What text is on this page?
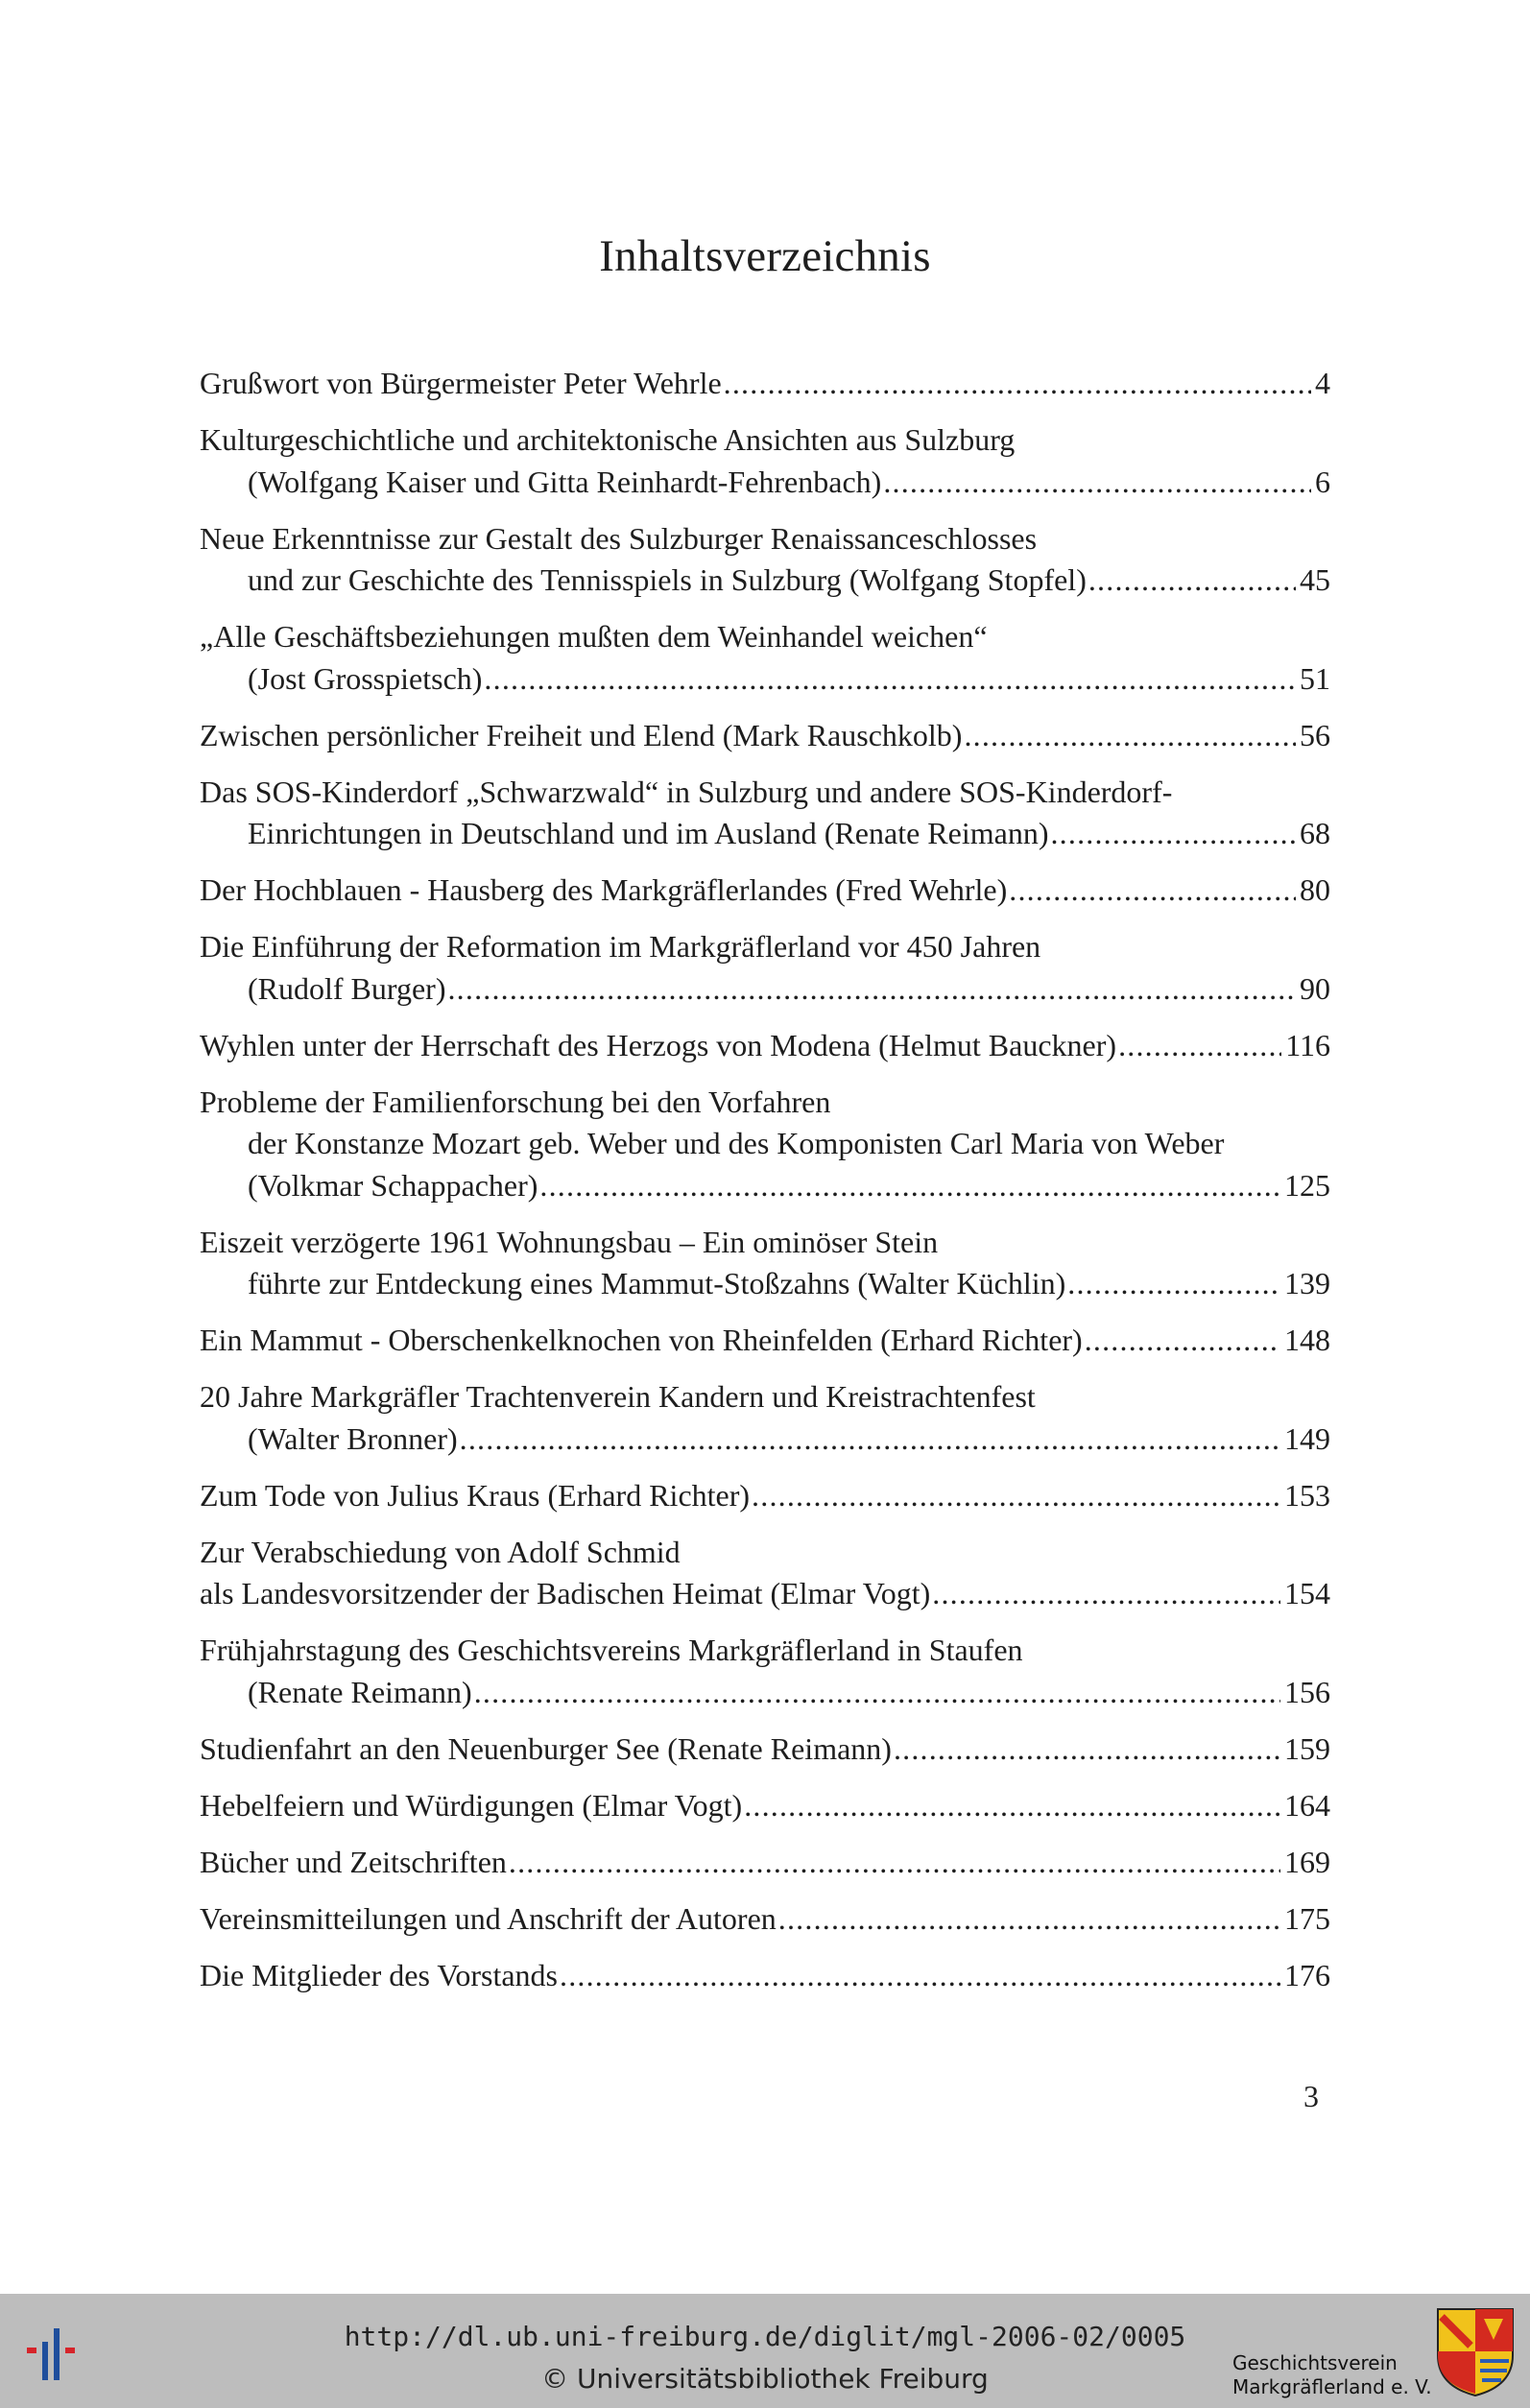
Inhaltsverzeichnis
Grußwort von Bürgermeister Peter Wehrle .....	4
Kulturgeschichtliche und architektonische Ansichten aus Sulzburg
(Wolfgang Kaiser und Gitta Reinhardt-Fehrenbach) .....	6
Neue Erkenntnisse zur Gestalt des Sulzburger Renaissanceschlosses
und zur Geschichte des Tennisspiels in Sulzburg (Wolfgang Stopfel) .....	45
„Alle Geschäftsbeziehungen mußten dem Weinhandel weichen“
(Jost Grosspietsch) .....	51
Zwischen persönlicher Freiheit und Elend (Mark Rauschkolb) .....	56
Das SOS-Kinderdorf „Schwarzwald“ in Sulzburg und andere SOS-Kinderdorf-
Einrichtungen in Deutschland und im Ausland (Renate Reimann) .....	68
Der Hochblauen - Hausberg des Markgräflerlandes (Fred Wehrle) .....	80
Die Einführung der Reformation im Markgräflerland vor 450 Jahren
(Rudolf Burger) .....	90
Wyhlen unter der Herrschaft des Herzogs von Modena (Helmut Bauckner) .....	116
Probleme der Familienforschung bei den Vorfahren
der Konstanze Mozart geb. Weber und des Komponisten Carl Maria von Weber
(Volkmar Schappacher) .....	125
Eiszeit verzögerte 1961 Wohnungsbau – Ein ominöser Stein
führte zur Entdeckung eines Mammut-Stoßzahns (Walter Küchlin) .....	139
Ein Mammut - Oberschenkelknochen von Rheinfelden (Erhard Richter) .....	148
20 Jahre Markgräfler Trachtenverein Kandern und Kreistrachtenfest
(Walter Bronner) .....	149
Zum Tode von Julius Kraus (Erhard Richter) .....	153
Zur Verabschiedung von Adolf Schmid
als Landesvorsitzender der Badischen Heimat (Elmar Vogt) .....	154
Frühjahrstagung des Geschichtsvereins Markgräflerland in Staufen
(Renate Reimann) .....	156
Studienfahrt an den Neuenburger See (Renate Reimann) .....	159
Hebelfeiern und Würdigungen (Elmar Vogt) .....	164
Bücher und Zeitschriften .....	169
Vereinsmitteilungen und Anschrift der Autoren .....	175
Die Mitglieder des Vorstands .....	176
3
http://dl.ub.uni-freiburg.de/diglit/mgl-2006-02/0005
© Universitätsbibliothek Freiburg	Geschichtsverein
Markgräflerland e. V.
